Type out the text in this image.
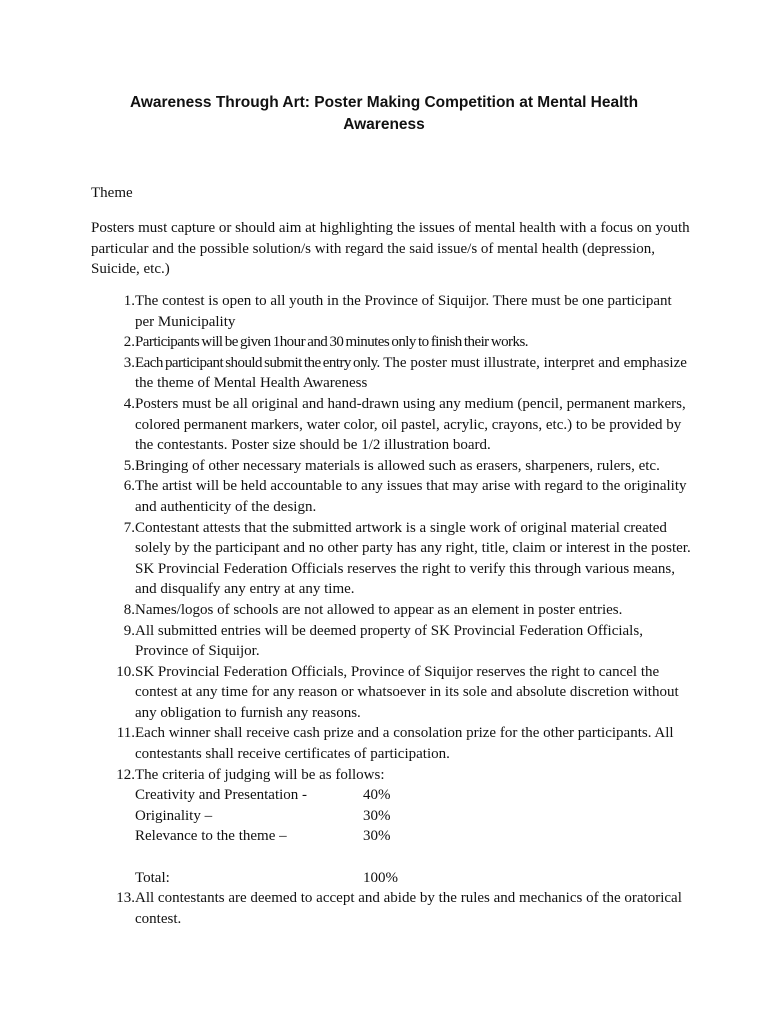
Awareness Through Art: Poster Making Competition at Mental Health Awareness
Theme
Posters must capture or should aim at highlighting the issues of mental health with a focus on youth particular and the possible solution/s with regard the said issue/s of mental health (depression, Suicide, etc.)
1. The contest is open to all youth in the Province of Siquijor. There must be one participant per Municipality
2. Participants will be given 1hour and 30 minutes only to finish their works.
3. Each participant should submit the entry only. The poster must illustrate, interpret and emphasize the theme of Mental Health Awareness
4. Posters must be all original and hand-drawn using any medium (pencil, permanent markers, colored permanent markers, water color, oil pastel, acrylic, crayons, etc.) to be provided by the contestants. Poster size should be 1/2 illustration board.
5. Bringing of other necessary materials is allowed such as erasers, sharpeners, rulers, etc.
6. The artist will be held accountable to any issues that may arise with regard to the originality and authenticity of the design.
7. Contestant attests that the submitted artwork is a single work of original material created solely by the participant and no other party has any right, title, claim or interest in the poster. SK Provincial Federation Officials reserves the right to verify this through various means, and disqualify any entry at any time.
8. Names/logos of schools are not allowed to appear as an element in poster entries.
9. All submitted entries will be deemed property of SK Provincial Federation Officials, Province of Siquijor.
10. SK Provincial Federation Officials, Province of Siquijor reserves the right to cancel the contest at any time for any reason or whatsoever in its sole and absolute discretion without any obligation to furnish any reasons.
11. Each winner shall receive cash prize and a consolation prize for the other participants. All contestants shall receive certificates of participation.
12. The criteria of judging will be as follows:
Creativity and Presentation -	40%
Originality –	30%
Relevance to the theme –	30%
Total:	100%
13. All contestants are deemed to accept and abide by the rules and mechanics of the oratorical contest.
